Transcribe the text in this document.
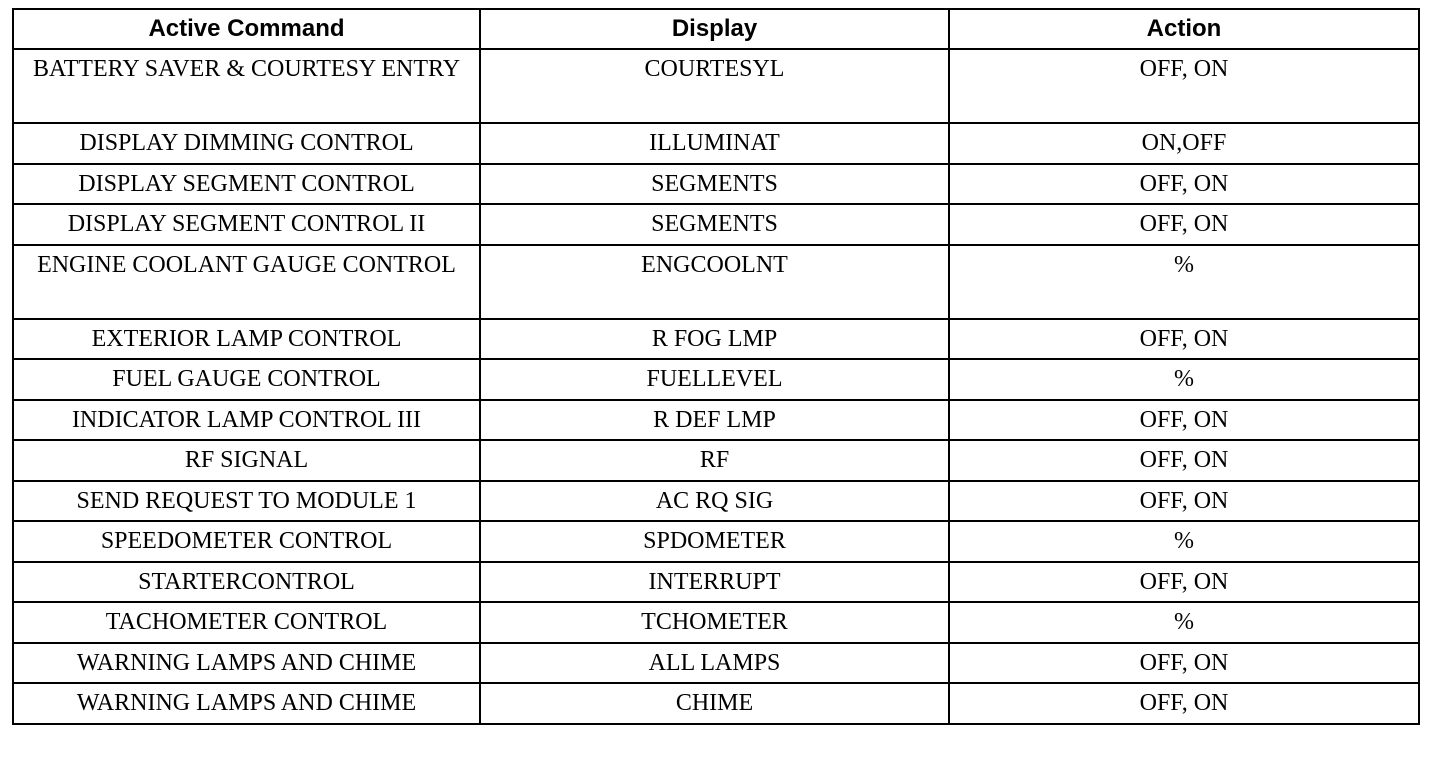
Active Command	Display	Action
BATTERY SAVER & COURTESY ENTRY	COURTESYL	OFF, ON
DISPLAY DIMMING CONTROL	ILLUMINAT	ON,OFF
DISPLAY SEGMENT CONTROL	SEGMENTS	OFF, ON
DISPLAY SEGMENT CONTROL II	SEGMENTS	OFF, ON
ENGINE COOLANT GAUGE CONTROL	ENGCOOLNT	%
EXTERIOR LAMP CONTROL	R FOG LMP	OFF, ON
FUEL GAUGE CONTROL	FUELLEVEL	%
INDICATOR LAMP CONTROL III	R DEF LMP	OFF, ON
RF SIGNAL	RF	OFF, ON
SEND REQUEST TO MODULE 1	AC RQ SIG	OFF, ON
SPEEDOMETER CONTROL	SPDOMETER	%
STARTERCONTROL	INTERRUPT	OFF, ON
TACHOMETER CONTROL	TCHOMETER	%
WARNING LAMPS AND CHIME	ALL LAMPS	OFF, ON
WARNING LAMPS AND CHIME	CHIME	OFF, ON
